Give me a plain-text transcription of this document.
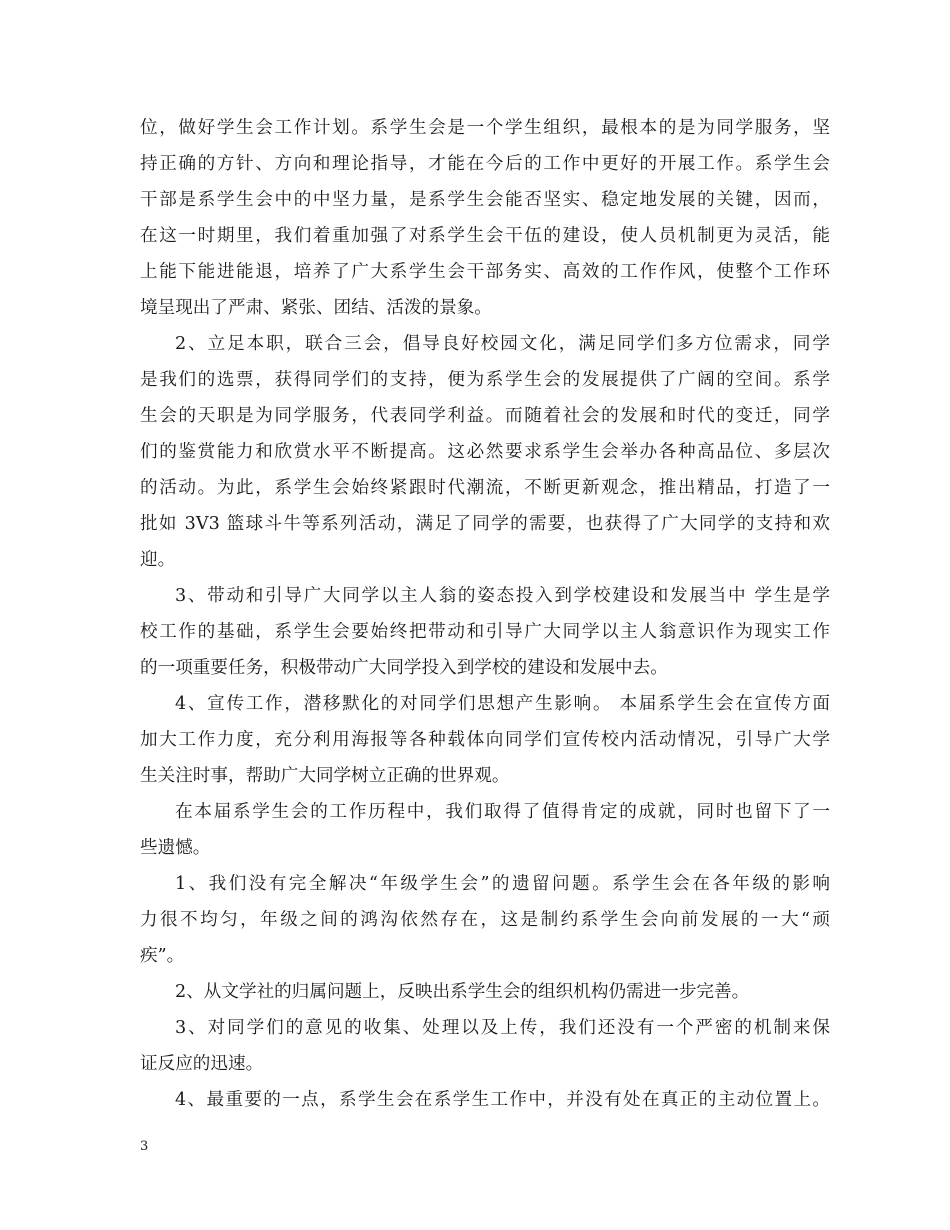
位，做好学生会工作计划。系学生会是一个学生组织，最根本的是为同学服务，坚
持正确的方针、方向和理论指导，才能在今后的工作中更好的开展工作。系学生会
干部是系学生会中的中坚力量，是系学生会能否坚实、稳定地发展的关键，因而，
在这一时期里，我们着重加强了对系学生会干伍的建设，使人员机制更为灵活，能
上能下能进能退，培养了广大系学生会干部务实、高效的工作作风，使整个工作环
境呈现出了严肃、紧张、团结、活泼的景象。
2、立足本职，联合三会，倡导良好校园文化，满足同学们多方位需求，同学
是我们的选票，获得同学们的支持，便为系学生会的发展提供了广阔的空间。系学
生会的天职是为同学服务，代表同学利益。而随着社会的发展和时代的变迁，同学
们的鉴赏能力和欣赏水平不断提高。这必然要求系学生会举办各种高品位、多层次
的活动。为此，系学生会始终紧跟时代潮流，不断更新观念，推出精品，打造了一
批如 3V3 篮球斗牛等系列活动，满足了同学的需要，也获得了广大同学的支持和欢
迎。
3、带动和引导广大同学以主人翁的姿态投入到学校建设和发展当中 学生是学
校工作的基础，系学生会要始终把带动和引导广大同学以主人翁意识作为现实工作
的一项重要任务，积极带动广大同学投入到学校的建设和发展中去。
4、宣传工作，潜移默化的对同学们思想产生影响。 本届系学生会在宣传方面
加大工作力度，充分利用海报等各种载体向同学们宣传校内活动情况，引导广大学
生关注时事，帮助广大同学树立正确的世界观。
在本届系学生会的工作历程中，我们取得了值得肯定的成就，同时也留下了一
些遗憾。
1、我们没有完全解决“年级学生会”的遗留问题。系学生会在各年级的影响
力很不均匀，年级之间的鸿沟依然存在，这是制约系学生会向前发展的一大“顽
疾”。
2、从文学社的归属问题上，反映出系学生会的组织机构仍需进一步完善。
3、对同学们的意见的收集、处理以及上传，我们还没有一个严密的机制来保
证反应的迅速。
4、最重要的一点，系学生会在系学生工作中，并没有处在真正的主动位置上。
3
